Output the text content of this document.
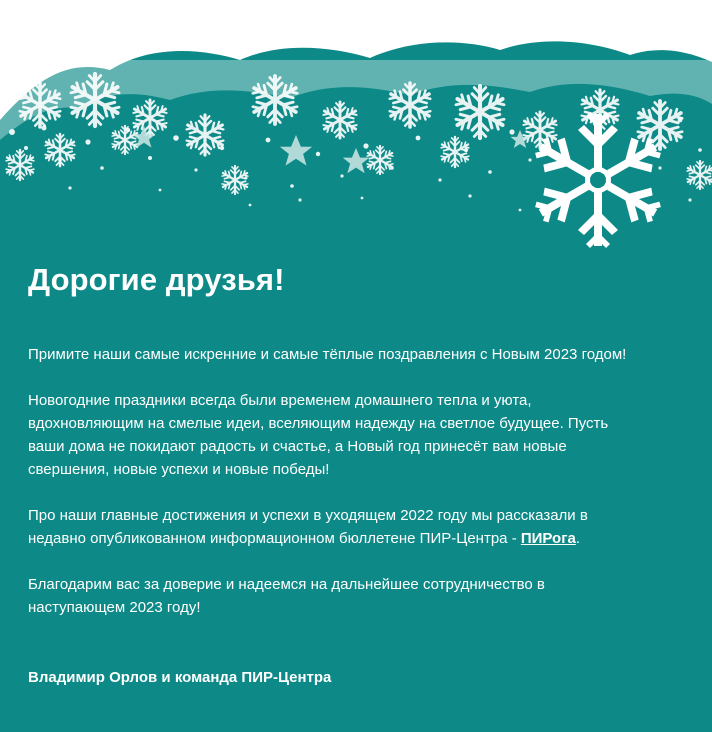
Дорогие друзья!

Примите наши самые искренние и самые тёплые поздравления с Новым 2023 годом!

Новогодние праздники всегда были временем домашнего тепла и уюта, вдохновляющим на смелые идеи, вселяющим надежду на светлое будущее. Пусть ваши дома не покидают радость и счастье, а Новый год принесёт вам новые свершения, новые успехи и новые победы!

Про наши главные достижения и успехи в уходящем 2022 году мы рассказали в недавно опубликованном информационном бюллетене ПИР-Центра - ПИРога.

Благодарим вас за доверие и надеемся на дальнейшее сотрудничество в наступающем 2023 году!

Владимир Орлов и команда ПИР-Центра
